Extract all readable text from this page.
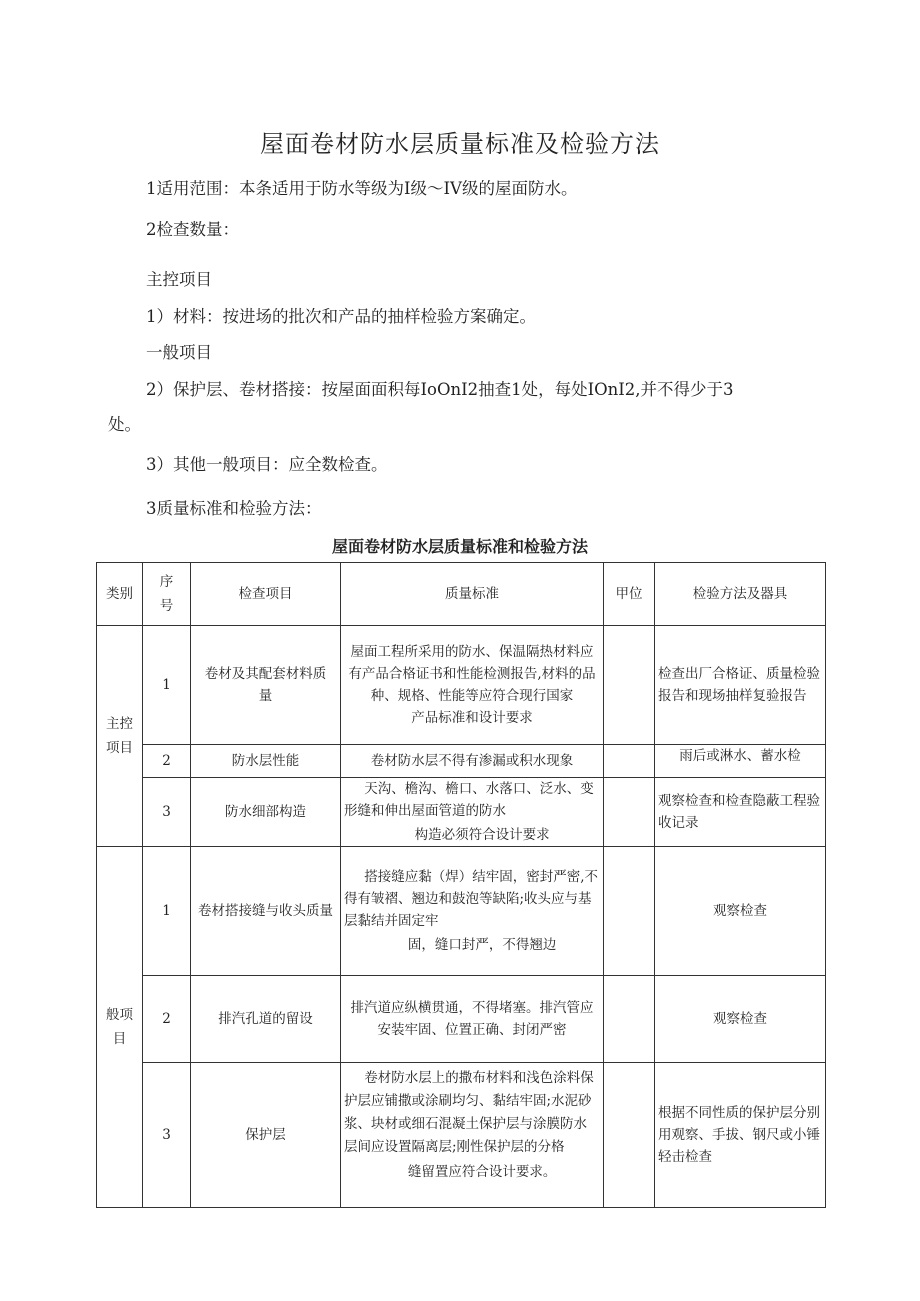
屋面卷材防水层质量标准及检验方法
1适用范围：本条适用于防水等级为I级～IV级的屋面防水。
2检查数量：
主控项目
1）材料：按进场的批次和产品的抽样检验方案确定。
一般项目
2）保护层、卷材搭接：按屋面面积每IoOnI2抽查1处，每处IOnI2,并不得少于3
处。
3）其他一般项目：应全数检查。
3质量标准和检验方法：
屋面卷材防水层质量标准和检验方法
类别	序号	检查项目	质量标准	甲位	检验方法及器具

主控项目	1	卷材及其配套材料质量	屋面工程所采用的防水、保温隔热材料应有产品合格证书和性能检测报告,材料的品种、规格、性能等应符合现行国家
产品标准和设计要求		检查出厂合格证、质量检验报告和现场抽样复验报告
	2	防水层性能	卷材防水层不得有渗漏或积水现象		雨后或淋水、蓄水检
	3	防水细部构造	天沟、檐沟、檐口、水落口、泛水、变形缝和伸出屋面管道的防水
构造必须符合设计要求		观察检查和检查隐蔽工程验收记录

般项目	1	卷材搭接缝与收头质量	搭接缝应黏（焊）结牢固，密封严密,不得有皱褶、翘边和鼓泡等缺陷;收头应与基层黏结并固定牢
固，缝口封严，不得翘边		观察检查
	2	排汽孔道的留设	排汽道应纵横贯通，不得堵塞。排汽管应安装牢固、位置正确、封闭严密		观察检查
	3	保护层	卷材防水层上的撒布材料和浅色涂料保护层应铺撒或涂刷均匀、黏结牢固;水泥砂浆、块材或细石混凝土保护层与涂膜防水层间应设置隔离层;刚性保护层的分格
缝留置应符合设计要求。		根据不同性质的保护层分别用观察、手拔、钢尺或小锤轻击检查
